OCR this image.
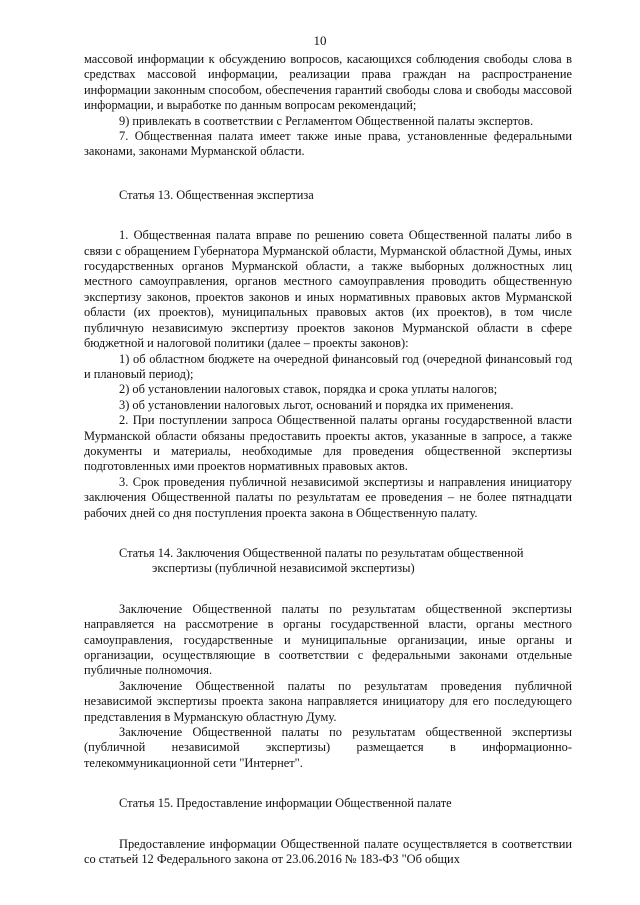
10

массовой информации к обсуждению вопросов, касающихся соблюдения свободы слова в средствах массовой информации, реализации права граждан на распространение информации законным способом, обеспечения гарантий свободы слова и свободы массовой информации, и выработке по данным вопросам рекомендаций;

9) привлекать в соответствии с Регламентом Общественной палаты экспертов.

7. Общественная палата имеет также иные права, установленные федеральными законами, законами Мурманской области.

Статья 13. Общественная экспертиза

1. Общественная палата вправе по решению совета Общественной палаты либо в связи с обращением Губернатора Мурманской области, Мурманской областной Думы, иных государственных органов Мурманской области, а также выборных должностных лиц местного самоуправления, органов местного самоуправления проводить общественную экспертизу законов, проектов законов и иных нормативных правовых актов Мурманской области (их проектов), муниципальных правовых актов (их проектов), в том числе публичную независимую экспертизу проектов законов Мурманской области в сфере бюджетной и налоговой политики (далее – проекты законов):

1) об областном бюджете на очередной финансовый год (очередной финансовый год и плановый период);

2) об установлении налоговых ставок, порядка и срока уплаты налогов;

3) об установлении налоговых льгот, оснований и порядка их применения.

2. При поступлении запроса Общественной палаты органы государственной власти Мурманской области обязаны предоставить проекты актов, указанные в запросе, а также документы и материалы, необходимые для проведения общественной экспертизы подготовленных ими проектов нормативных правовых актов.

3. Срок проведения публичной независимой экспертизы и направления инициатору заключения Общественной палаты по результатам ее проведения – не более пятнадцати рабочих дней со дня поступления проекта закона в Общественную палату.

Статья 14. Заключения Общественной палаты по результатам общественной
экспертизы (публичной независимой экспертизы)

Заключение Общественной палаты по результатам общественной экспертизы направляется на рассмотрение в органы государственной власти, органы местного самоуправления, государственные и муниципальные организации, иные органы и организации, осуществляющие в соответствии с федеральными законами отдельные публичные полномочия.

Заключение Общественной палаты по результатам проведения публичной независимой экспертизы проекта закона направляется инициатору для его последующего представления в Мурманскую областную Думу.

Заключение Общественной палаты по результатам общественной экспертизы (публичной независимой экспертизы) размещается в информационно-телекоммуникационной сети "Интернет".

Статья 15. Предоставление информации Общественной палате

Предоставление информации Общественной палате осуществляется в соответствии со статьей 12 Федерального закона от 23.06.2016 № 183-ФЗ "Об общих
